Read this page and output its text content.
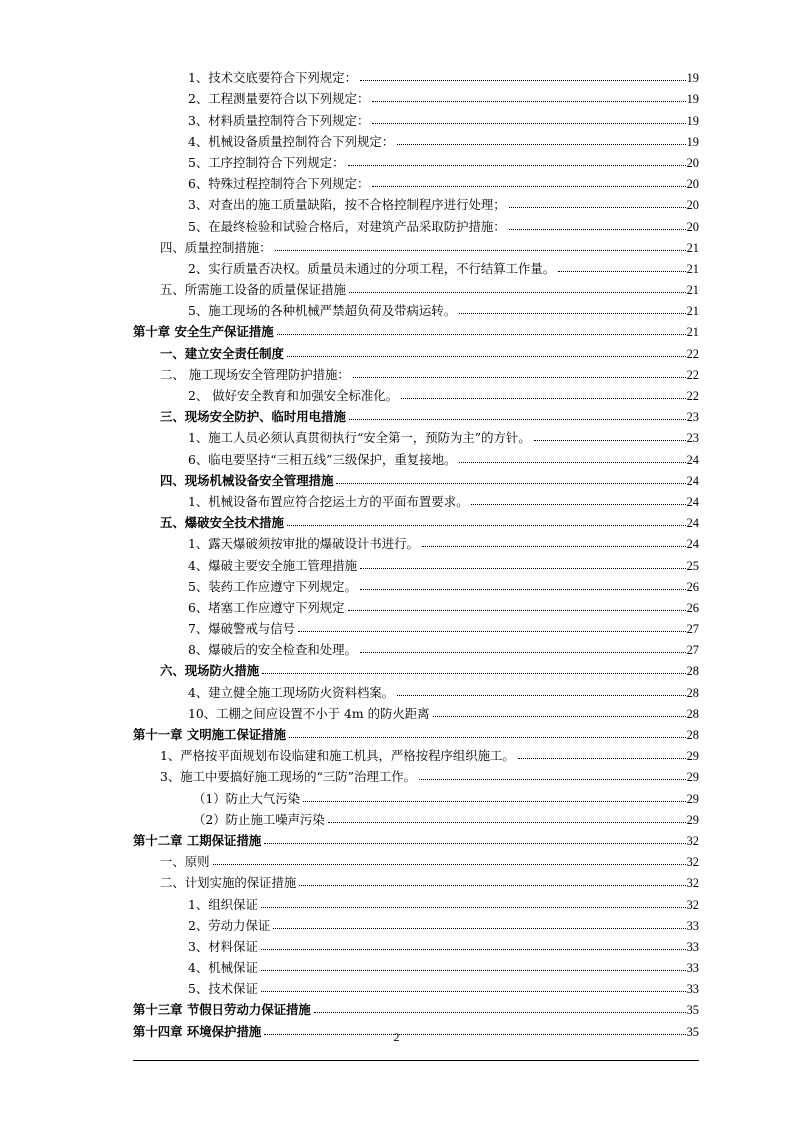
1、技术交底要符合下列规定：	19
2、工程测量要符合以下列规定：	19
3、材料质量控制符合下列规定：	19
4、机械设备质量控制符合下列规定：	19
5、工序控制符合下列规定：	20
6、特殊过程控制符合下列规定：	20
3、对查出的施工质量缺陷，按不合格控制程序进行处理；	20
5、在最终检验和试验合格后，对建筑产品采取防护措施：	20
四、质量控制措施：	21
2、实行质量否决权。质量员未通过的分项工程，不行结算工作量。	21
五、所需施工设备的质量保证措施	21
5、施工现场的各种机械严禁超负荷及带病运转。	21
第十章 安全生产保证措施	21
一、建立安全责任制度	22
二、 施工现场安全管理防护措施：	22
2、 做好安全教育和加强安全标准化。	22
三、现场安全防护、临时用电措施	23
1、施工人员必须认真贯彻执行“安全第一，预防为主”的方针。	23
6、临电要坚持“三相五线”三级保护，重复接地。	24
四、现场机械设备安全管理措施	24
1、机械设备布置应符合挖运土方的平面布置要求。	24
五、爆破安全技术措施	24
1、露天爆破须按审批的爆破设计书进行。	24
4、爆破主要安全施工管理措施	25
5、装药工作应遵守下列规定。	26
6、堵塞工作应遵守下列规定	26
7、爆破警戒与信号	27
8、爆破后的安全检查和处理。	27
六、现场防火措施	28
4、建立健全施工现场防火资料档案。	28
10、工棚之间应设置不小于 4m 的防火距离	28
第十一章 文明施工保证措施	28
1、严格按平面规划布设临建和施工机具，严格按程序组织施工。	29
3、施工中要搞好施工现场的“三防”治理工作。	29
（1）防止大气污染	29
（2）防止施工噪声污染	29
第十二章 工期保证措施	32
一、原则	32
二、计划实施的保证措施	32
1、组织保证	32
2、劳动力保证	33
3、材料保证	33
4、机械保证	33
5、技术保证	33
第十三章 节假日劳动力保证措施	35
第十四章 环境保护措施	35
2
